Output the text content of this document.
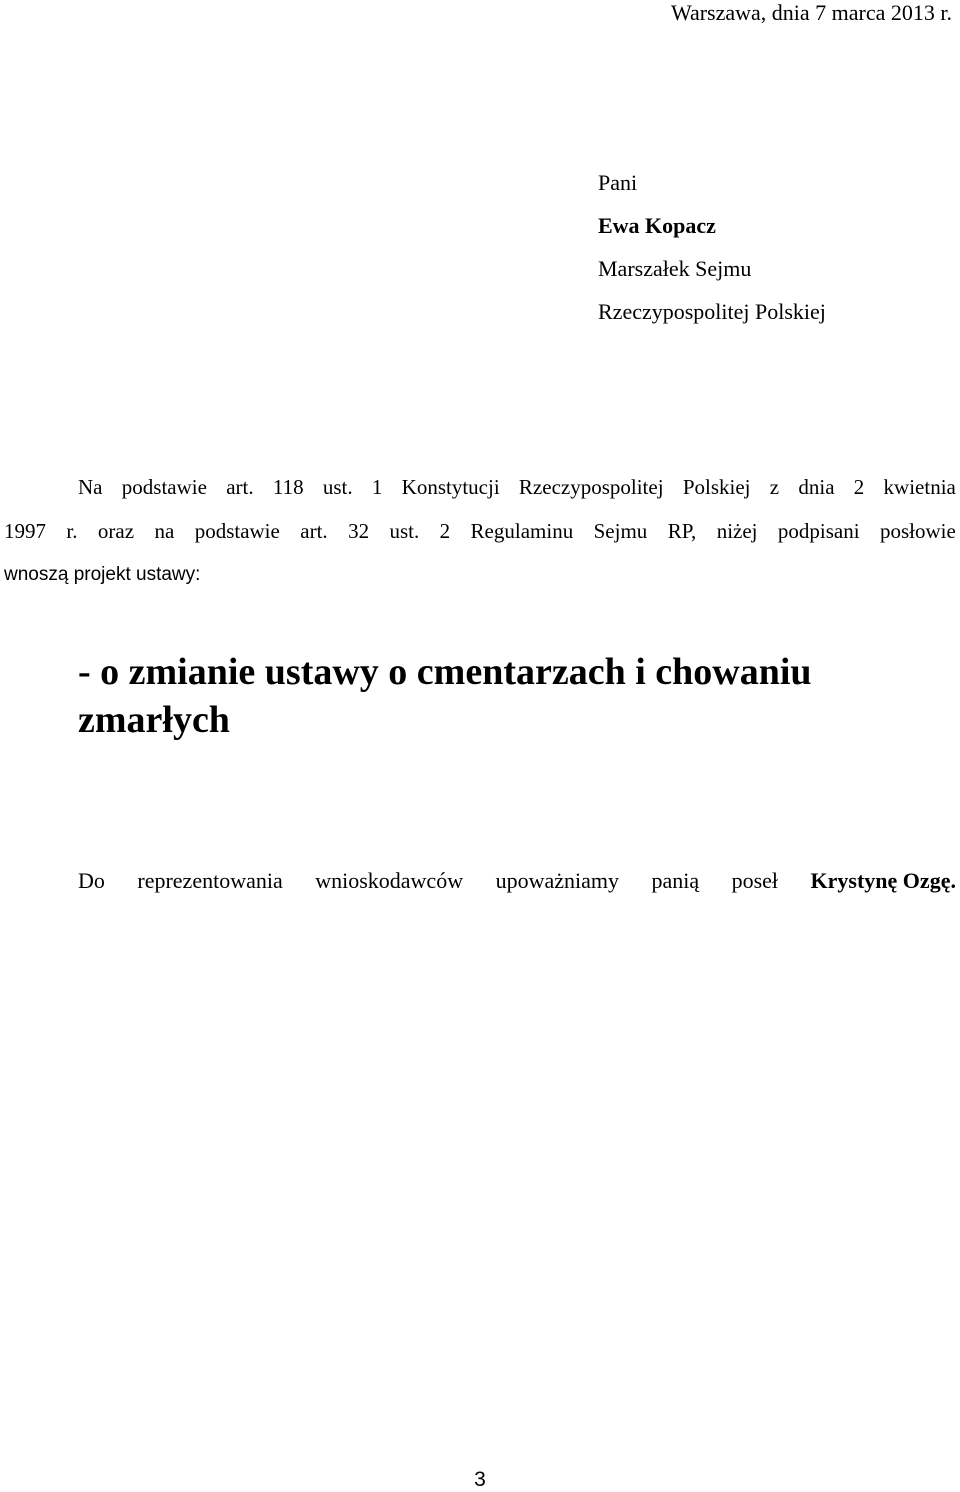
Warszawa, dnia 7 marca 2013 r.
Pani
Ewa Kopacz
Marszałek Sejmu
Rzeczypospolitej Polskiej
Na podstawie art. 118 ust. 1 Konstytucji Rzeczypospolitej Polskiej z dnia 2 kwietnia
1997 r. oraz na podstawie art. 32 ust. 2 Regulaminu Sejmu RP, niżej podpisani posłowie
wnoszą projekt ustawy:
- o zmianie ustawy o cmentarzach i chowaniu zmarłych
Do reprezentowania wnioskodawców upoważniamy panią poseł Krystynę Ozgę.
3
